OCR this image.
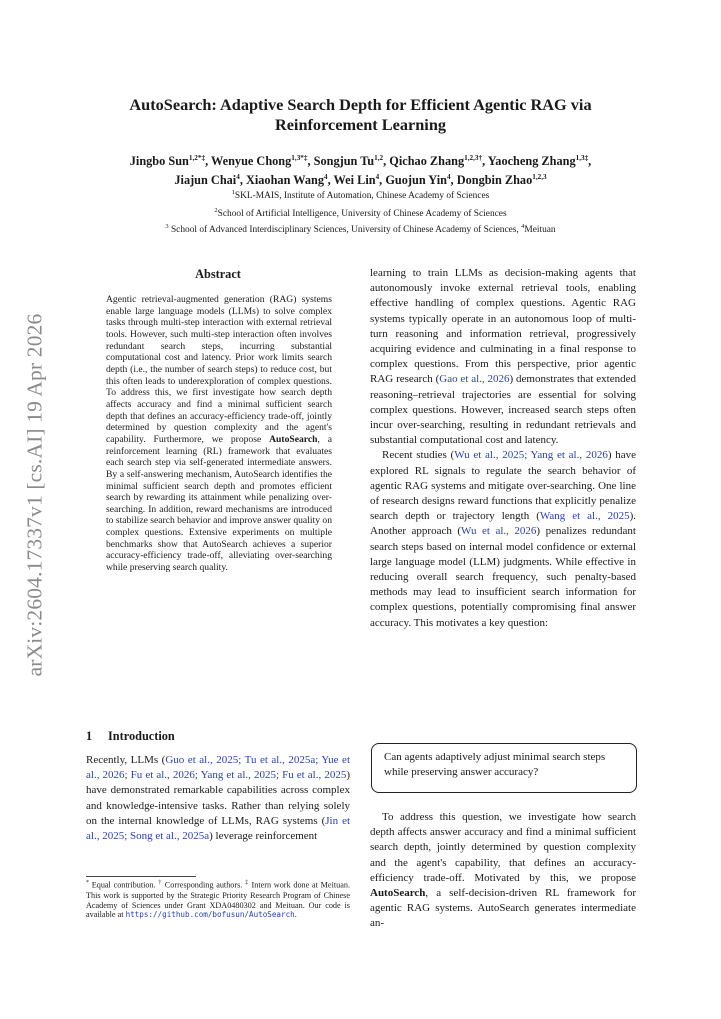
arXiv:2604.17337v1 [cs.AI] 19 Apr 2026
AutoSearch: Adaptive Search Depth for Efficient Agentic RAG via
Reinforcement Learning
Jingbo Sun$^{1,2*\ddagger}$, Wenyue Chong$^{1,3*\ddagger}$, Songjun Tu$^{1,2}$, Qichao Zhang$^{1,2,3\dagger}$, Yaocheng Zhang$^{1,3\ddagger}$,
Jiajun Chai$^4$, Xiaohan Wang$^4$, Wei Lin$^4$, Guojun Yin$^4$, Dongbin Zhao$^{1,2,3}$
$^1$SKL-MAIS, Institute of Automation, Chinese Academy of Sciences
$^2$School of Artificial Intelligence, University of Chinese Academy of Sciences
$^3$ School of Advanced Interdisciplinary Sciences, University of Chinese Academy of Sciences, $^4$Meituan
Abstract
Agentic retrieval-augmented generation (RAG) systems enable large language models (LLMs) to solve complex tasks through multi-step interaction with external retrieval tools. However, such multi-step interaction often involves redundant search steps, incurring substantial computational cost and latency. Prior work limits search depth (i.e., the number of search steps) to reduce cost, but this often leads to underexploration of complex questions. To address this, we first investigate how search depth affects accuracy and find a minimal sufficient search depth that defines an accuracy-efficiency trade-off, jointly determined by question complexity and the agent's capability. Furthermore, we propose AutoSearch, a reinforcement learning (RL) framework that evaluates each search step via self-generated intermediate answers. By a self-answering mechanism, AutoSearch identifies the minimal sufficient search depth and promotes efficient search by rewarding its attainment while penalizing over-searching. In addition, reward mechanisms are introduced to stabilize search behavior and improve answer quality on complex questions. Extensive experiments on multiple benchmarks show that AutoSearch achieves a superior accuracy-efficiency trade-off, alleviating over-searching while preserving search quality.
1 Introduction
Recently, LLMs (Guo et al., 2025; Tu et al., 2025a; Yue et al., 2026; Fu et al., 2026; Yang et al., 2025; Fu et al., 2025) have demonstrated remarkable capabilities across complex and knowledge-intensive tasks. Rather than relying solely on the internal knowledge of LLMs, RAG systems (Jin et al., 2025; Song et al., 2025a) leverage reinforcement

learning to train LLMs as decision-making agents that autonomously invoke external retrieval tools, enabling effective handling of complex questions. Agentic RAG systems typically operate in an autonomous loop of multi-turn reasoning and information retrieval, progressively acquiring evidence and culminating in a final response to complex questions. From this perspective, prior agentic RAG research (Gao et al., 2026) demonstrates that extended reasoning–retrieval trajectories are essential for solving complex questions. However, increased search steps often incur over-searching, resulting in redundant retrievals and substantial computational cost and latency.

Recent studies (Wu et al., 2025; Yang et al., 2026) have explored RL signals to regulate the search behavior of agentic RAG systems and mitigate over-searching. One line of research designs reward functions that explicitly penalize search depth or trajectory length (Wang et al., 2025). Another approach (Wu et al., 2026) penalizes redundant search steps based on internal model confidence or external large language model (LLM) judgments. While effective in reducing overall search frequency, such penalty-based methods may lead to insufficient search information for complex questions, potentially compromising final answer accuracy. This motivates a key question:

Can agents adaptively adjust minimal search steps while preserving answer accuracy?

To address this question, we investigate how search depth affects answer accuracy and find a minimal sufficient search depth, jointly determined by question complexity and the agent's capability, that defines an accuracy-efficiency trade-off. Motivated by this, we propose AutoSearch, a self-decision-driven RL framework for agentic RAG systems. AutoSearch generates intermediate an-

* Equal contribution. † Corresponding authors. ‡ Intern work done at Meituan. This work is supported by the Strategic Priority Research Program of Chinese Academy of Sciences under Grant XDA0480302 and Meituan. Our code is available at https://github.com/bofusun/AutoSearch.
